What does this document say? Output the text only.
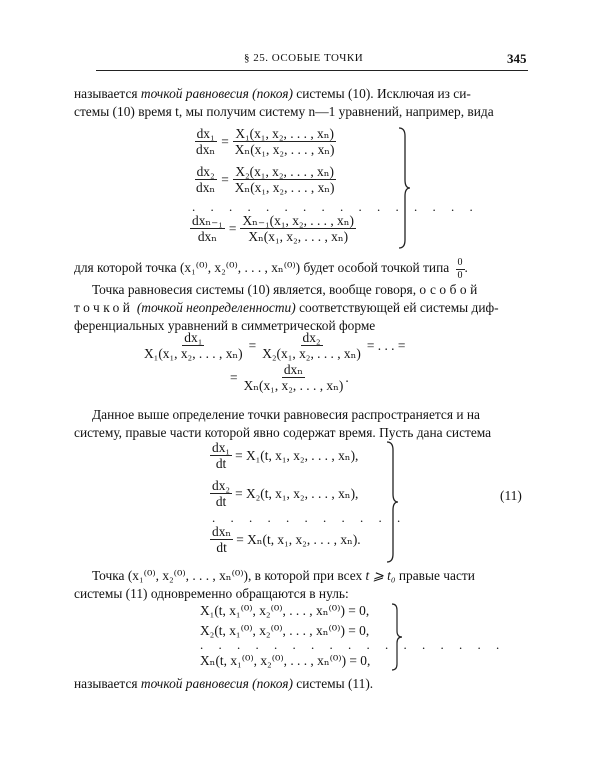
§ 25. ОСОБЫЕ ТОЧКИ	345
называется точкой равновесия (покоя) системы (10). Исключая из си-
стемы (10) время t, мы получим систему n—1 уравнений, например, вида
$\frac{\text{dx₁}}{\text{dxₙ}} = \frac{\text{X₁(x₁, x₂, . . . , xₙ)}}{\text{Xₙ(x₁, x₂, . . . , xₙ)}}$
$\frac{\text{dx₂}}{\text{dxₙ}} = \frac{\text{X₂(x₁, x₂, . . . , xₙ)}}{\text{Xₙ(x₁, x₂, . . . , xₙ)}}$
. . . . . . . . . . . . . . . .
$\frac{\text{dxₙ₋₁}}{\text{dxₙ}} = \frac{\text{Xₙ₋₁(x₁, x₂, . . . , xₙ)}}{\text{Xₙ(x₁, x₂, . . . , xₙ)}}$
для которой точка (x₁⁽⁰⁾, x₂⁽⁰⁾, . . . , xₙ⁽⁰⁾) будет особой точкой типа $\frac{0}{0}$ .
Точка равновесия системы (10) является, вообще говоря, особой
точкой (точкой неопределенности) соответствующей ей системы диф-
ференциальных уравнений в симметрической форме
$\frac{\text{dx₁}}{\text{X₁(x₁, x₂, . . . , xₙ)}} = \frac{\text{dx₂}}{\text{X₂(x₁, x₂, . . . , xₙ)}}$ = . . . =
= $\frac{\text{dxₙ}}{\text{Xₙ(x₁, x₂, . . . , xₙ)}}$ .
Данное выше определение точки равновесия распространяется и на
систему, правые части которой явно содержат время. Пусть дана система
$\frac{\text{dx₁}}{dt} = X_1(t$, x₁, x₂, . . . , xₙ),
$\frac{\text{dx₂}}{dt} = X_2(t$, x₁, x₂, . . . , xₙ),
. . . . . . . . . . .
$\frac{\text{dxₙ}}{dt} = X_n(t$, x₁, x₂, . . . , xₙ).
(11)
Точка (x₁⁽⁰⁾, x₂⁽⁰⁾, . . . , xₙ⁽⁰⁾), в которой при всех t ⩾ t₀ правые части
системы (11) одновременно обращаются в нуль:
X₁(t, x₁⁽⁰⁾, x₂⁽⁰⁾, . . . , xₙ⁽⁰⁾) = 0,
X₂(t, x₁⁽⁰⁾, x₂⁽⁰⁾, . . . , xₙ⁽⁰⁾) = 0,
. . . . . . . . . . . . . . . . .
Xₙ(t, x₁⁽⁰⁾, x₂⁽⁰⁾, . . . , xₙ⁽⁰⁾) = 0,
называется точкой равновесия (покоя) системы (11).
